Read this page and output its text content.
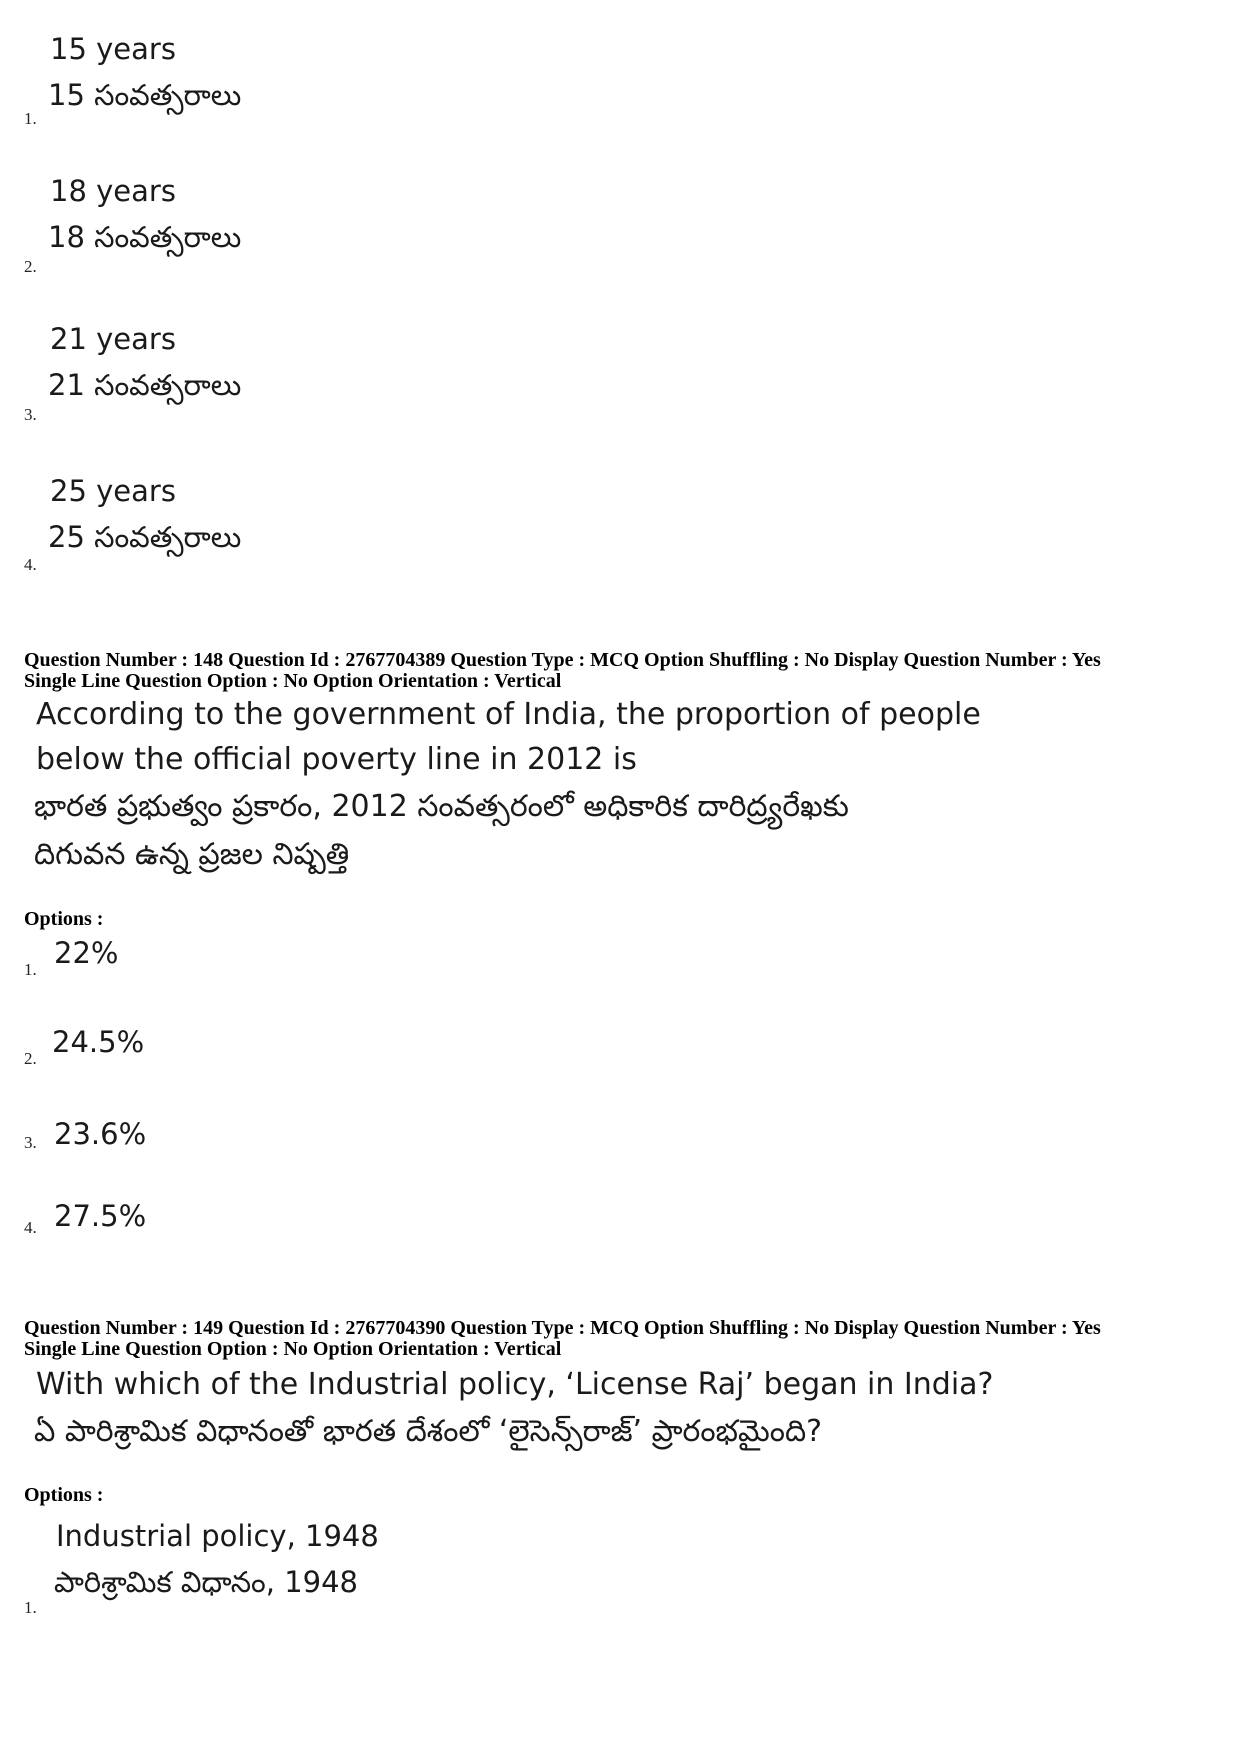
15 years
15 సంవత్సరాలు
1.
18 years
18 సంవత్సరాలు
2.
21 years
21 సంవత్సరాలు
3.
25 years
25 సంవత్సరాలు
4.
Question Number : 148 Question Id : 2767704389 Question Type : MCQ Option Shuffling : No Display Question Number : Yes
Single Line Question Option : No Option Orientation : Vertical
According to the government of India, the proportion of people
below the official poverty line in 2012 is
భారత ప్రభుత్వం ప్రకారం, 2012 సంవత్సరంలో అధికారిక దారిద్ర్యరేఖకు
దిగువన ఉన్న ప్రజల నిష్పత్తి
Options :
1. 22%
2. 24.5%
3. 23.6%
4. 27.5%
Question Number : 149 Question Id : 2767704390 Question Type : MCQ Option Shuffling : No Display Question Number : Yes
Single Line Question Option : No Option Orientation : Vertical
With which of the Industrial policy, ‘License Raj’ began in India?
ఏ పారిశ్రామిక విధానంతో భారత దేశంలో ‘లైసెన్స్‌రాజ్’ ప్రారంభమైంది?
Options :
Industrial policy, 1948
పారిశ్రామిక విధానం, 1948
1.
